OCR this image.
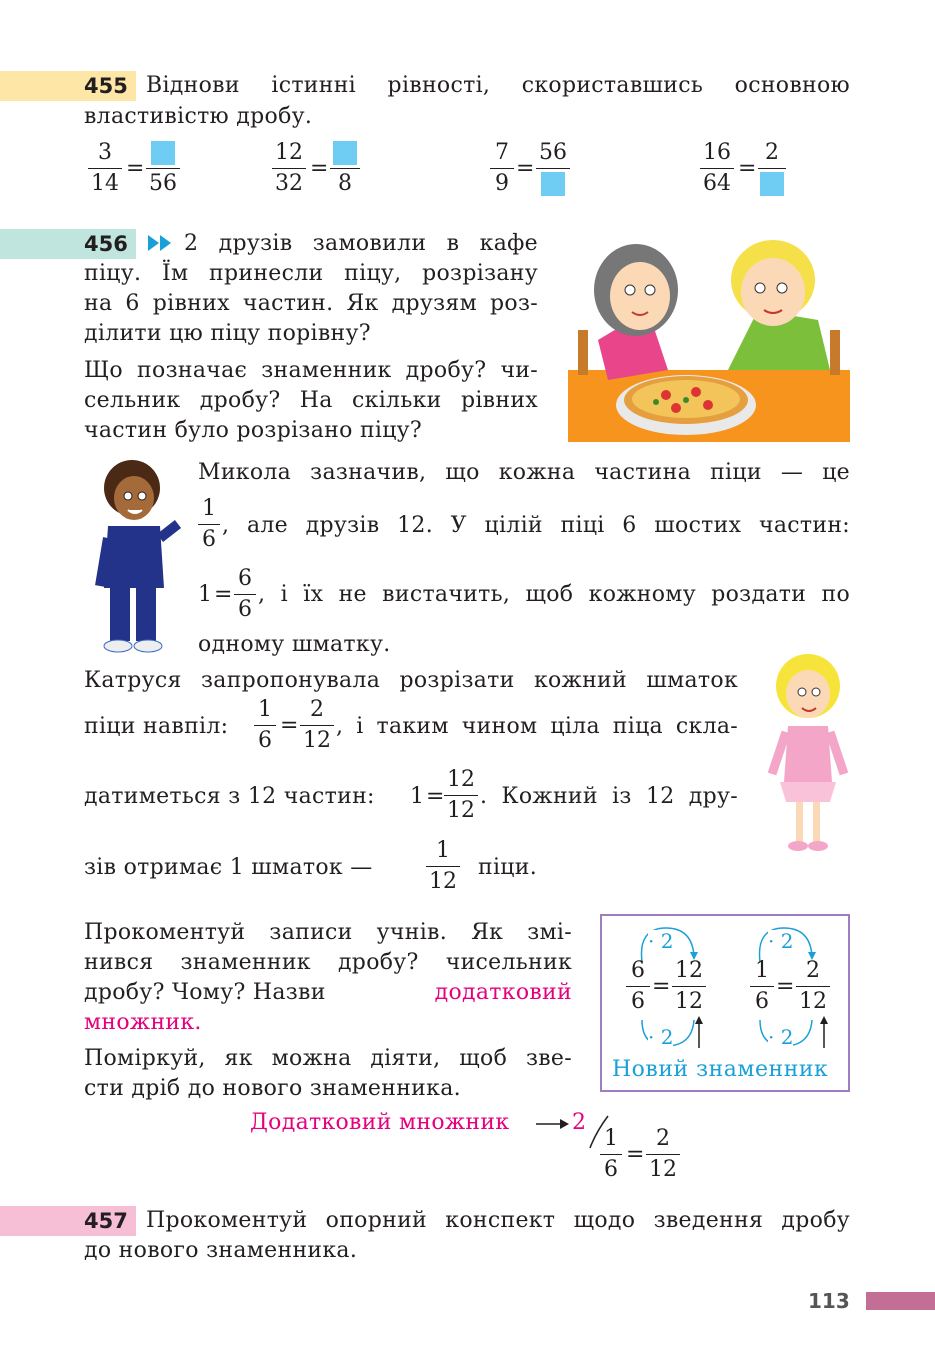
455 Віднови істинні рівності, скориставшись основною
властивістю дробу.
3
14
=
56
12
32
=
8
7
9
=
56	16
64
=
2
456	2 друзів замовили в кафе
піцу. Їм принесли піцу, розрізану
на 6 рівних частин. Як друзям роз-
ділити цю піцу порівну?
Що позначає знаменник дробу? чи-
сельник дробу? На скільки рівних
частин було розрізано піцу?
Микола зазначив, що кожна частина піци — це
1
6
, але друзів 12. У цілій піці 6 шостих частин:
1 =
6
6
, і їх не вистачить, щоб кожному роздати по
одному шматку.
Катруся запропонувала розрізати кожний шматок
піци навпіл:
1
6
=
2
12
, і таким чином ціла піца скла-
датиметься з 12 частин: 1 =
12
12
. Кожний із 12 дру-
зів отримає 1 шматок —
1
12
піци.
Прокоментуй записи учнів. Як змі-
нився знаменник дробу? чисельник
дробу? Чому? Назви	додатковий
множник.
Поміркуй, як можна діяти, щоб зве-
сти дріб до нового знаменника.
· 2
· 2
· 2
· 2
6
6
=
12
12
1
6
=
2
12
Новий знаменник
Додатковий множник	2
1
6
=
2
12
457 Прокоментуй опорний конспект щодо зведення дробу
до нового знаменника.
113
